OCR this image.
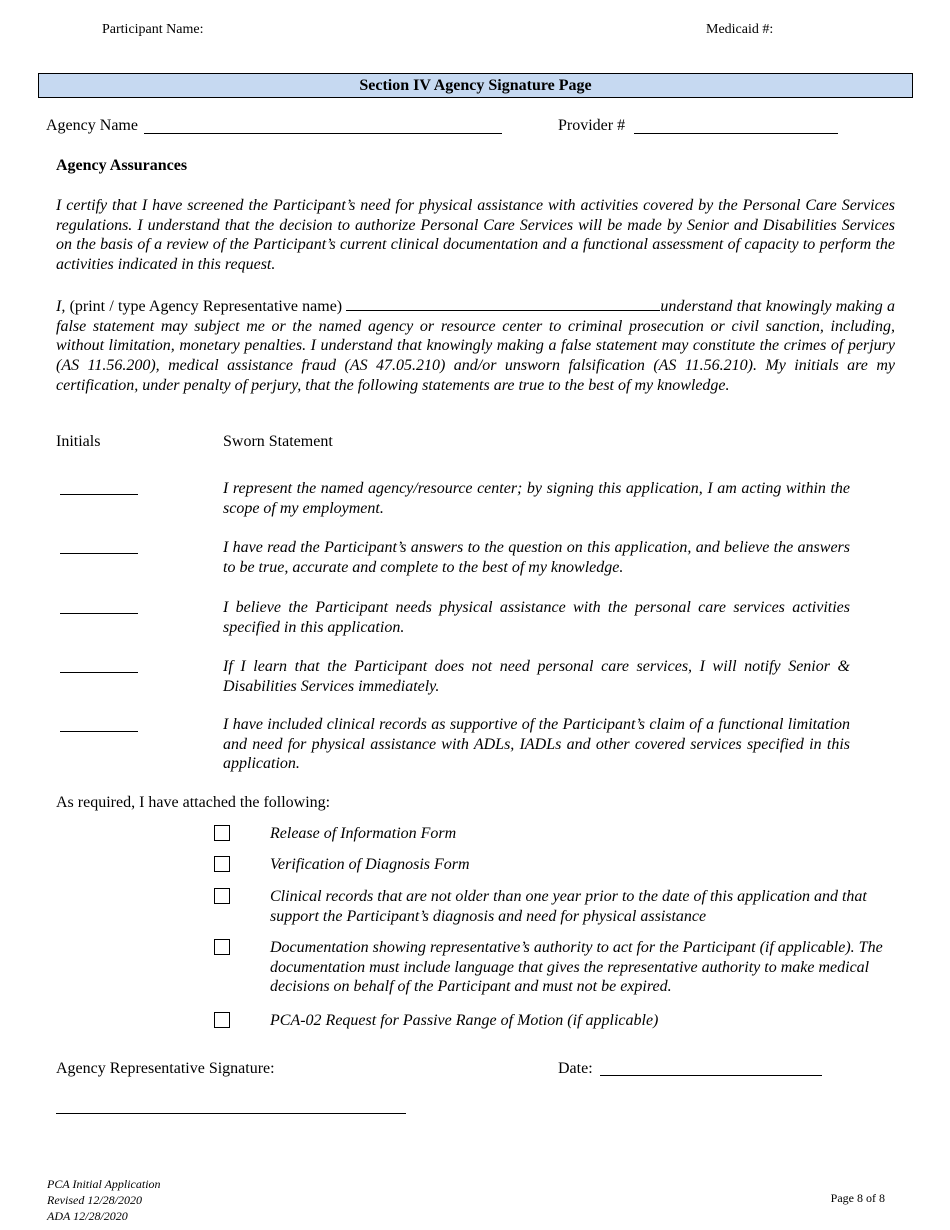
Participant Name:	Medicaid #:
Section IV Agency Signature Page
Agency Name	Provider #
Agency Assurances
I certify that I have screened the Participant’s need for physical assistance with activities covered by the Personal Care Services regulations. I understand that the decision to authorize Personal Care Services will be made by Senior and Disabilities Services on the basis of a review of the Participant’s current clinical documentation and a functional assessment of capacity to perform the activities indicated in this request.
I, (print / type Agency Representative name)	understand that knowingly making a false statement may subject me or the named agency or resource center to criminal prosecution or civil sanction, including, without limitation, monetary penalties. I understand that knowingly making a false statement may constitute the crimes of perjury (AS 11.56.200), medical assistance fraud (AS 47.05.210) and/or unsworn falsification (AS 11.56.210). My initials are my certification, under penalty of perjury, that the following statements are true to the best of my knowledge.
Initials	Sworn Statement
I represent the named agency/resource center; by signing this application, I am acting within the scope of my employment.
I have read the Participant’s answers to the question on this application, and believe the answers to be true, accurate and complete to the best of my knowledge.
I believe the Participant needs physical assistance with the personal care services activities specified in this application.
If I learn that the Participant does not need personal care services, I will notify Senior & Disabilities Services immediately.
I have included clinical records as supportive of the Participant’s claim of a functional limitation and need for physical assistance with ADLs, IADLs and other covered services specified in this application.
As required, I have attached the following:
Release of Information Form
Verification of Diagnosis Form
Clinical records that are not older than one year prior to the date of this application and that support the Participant’s diagnosis and need for physical assistance
Documentation showing representative’s authority to act for the Participant (if applicable). The documentation must include language that gives the representative authority to make medical decisions on behalf of the Participant and must not be expired.
PCA-02 Request for Passive Range of Motion (if applicable)
Agency Representative Signature:	Date:
PCA Initial Application
Revised 12/28/2020
ADA 12/28/2020
Page 8 of 8
